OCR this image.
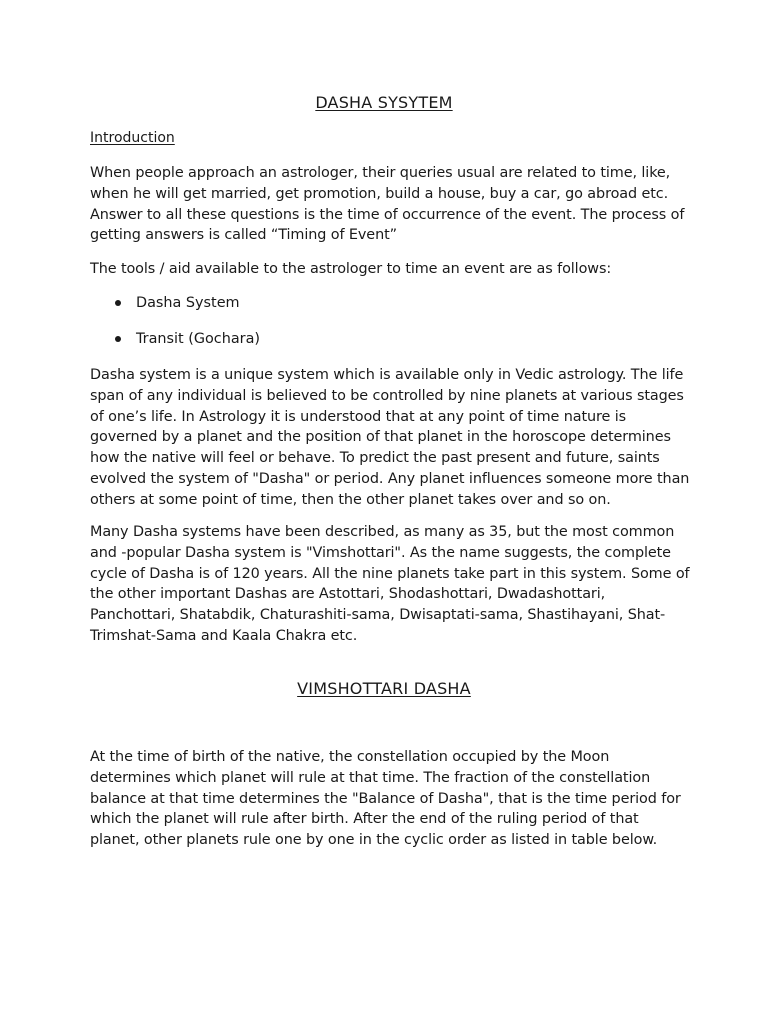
DASHA SYSYTEM
Introduction

When people approach an astrologer, their queries usual are related to time, like, when he will get married, get promotion, build a house, buy a car, go abroad etc. Answer to all these questions is the time of occurrence of the event. The process of getting answers is called “Timing of Event”

The tools / aid available to the astrologer to time an event are as follows:

Dasha System
Transit (Gochara)

Dasha system is a unique system which is available only in Vedic astrology. The life span of any individual is believed to be controlled by nine planets at various stages of one’s life. In Astrology it is understood that at any point of time nature is governed by a planet and the position of that planet in the horoscope determines how the native will feel or behave. To predict the past present and future, saints evolved the system of "Dasha" or period. Any planet influences someone more than others at some point of time, then the other planet takes over and so on.

Many Dasha systems have been described, as many as 35, but the most common and -popular Dasha system is "Vimshottari". As the name suggests, the complete cycle of Dasha is of 120 years. All the nine planets take part in this system. Some of the other important Dashas are Astottari, Shodashottari, Dwadashottari, Panchottari, Shatabdik, Chaturashiti-sama, Dwisaptati-sama, Shastihayani, Shat-Trimshat-Sama and Kaala Chakra etc.

VIMSHOTTARI DASHA

At the time of birth of the native, the constellation occupied by the Moon determines which planet will rule at that time. The fraction of the constellation balance at that time determines the "Balance of Dasha", that is the time period for which the planet will rule after birth. After the end of the ruling period of that planet, other planets rule one by one in the cyclic order as listed in table below.
